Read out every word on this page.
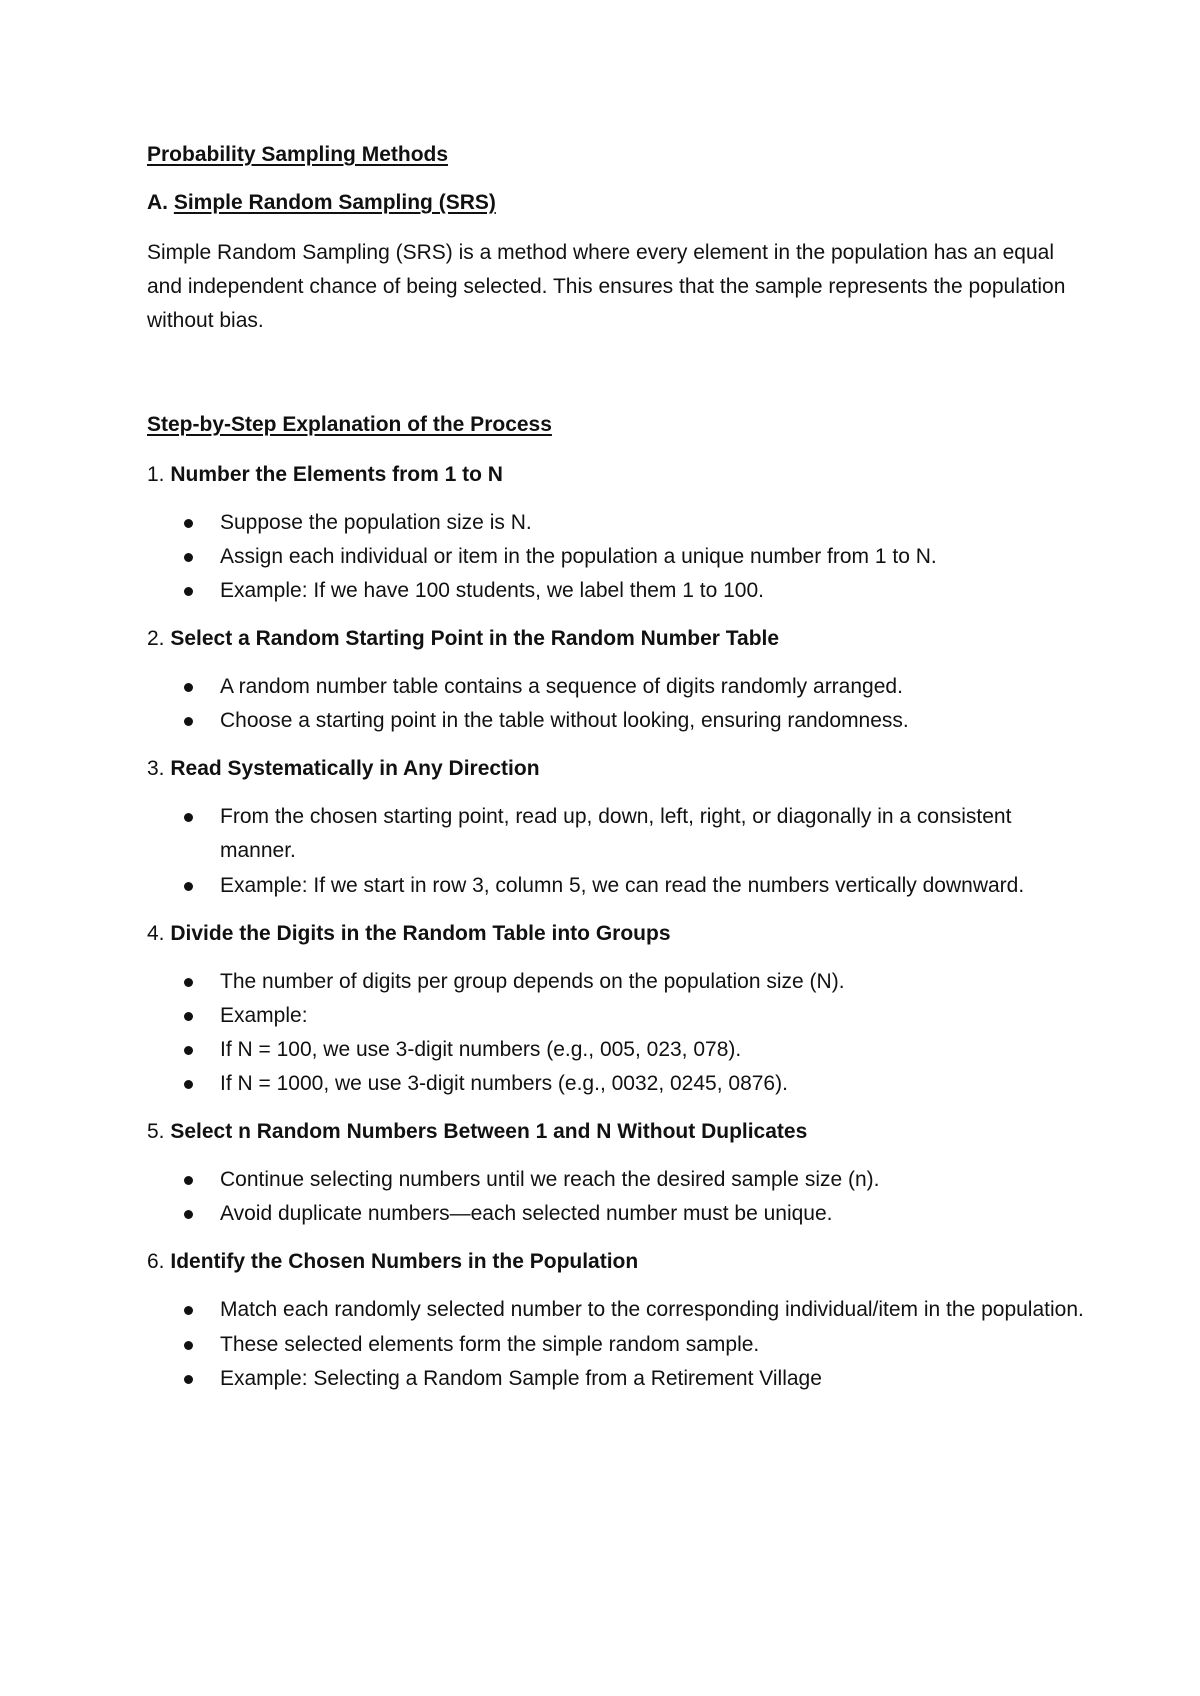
Probability Sampling Methods
A. Simple Random Sampling (SRS)

Simple Random Sampling (SRS) is a method where every element in the population has an equal and independent chance of being selected. This ensures that the sample represents the population without bias.

Step-by-Step Explanation of the Process
1. Number the Elements from 1 to N
Suppose the population size is N.
Assign each individual or item in the population a unique number from 1 to N.
Example: If we have 100 students, we label them 1 to 100.
2. Select a Random Starting Point in the Random Number Table
A random number table contains a sequence of digits randomly arranged.
Choose a starting point in the table without looking, ensuring randomness.
3. Read Systematically in Any Direction
From the chosen starting point, read up, down, left, right, or diagonally in a consistent manner.
Example: If we start in row 3, column 5, we can read the numbers vertically downward.
4. Divide the Digits in the Random Table into Groups
The number of digits per group depends on the population size (N).
Example:
If N = 100, we use 3-digit numbers (e.g., 005, 023, 078).
If N = 1000, we use 3-digit numbers (e.g., 0032, 0245, 0876).
5. Select n Random Numbers Between 1 and N Without Duplicates
Continue selecting numbers until we reach the desired sample size (n).
Avoid duplicate numbers—each selected number must be unique.
6. Identify the Chosen Numbers in the Population
Match each randomly selected number to the corresponding individual/item in the population.
These selected elements form the simple random sample.
Example: Selecting a Random Sample from a Retirement Village
